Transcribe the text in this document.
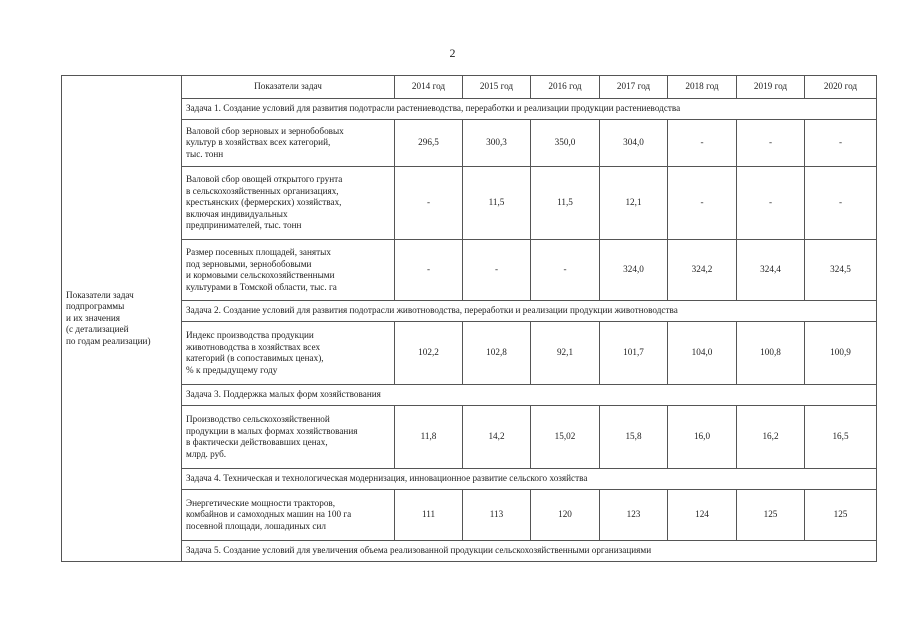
2
Показатели задач
подпрограммы
и их значения
(с детализацией
по годам реализации)	Показатели задач	2014 год	2015 год	2016 год	2017 год	2018 год	2019 год	2020 год
	Задача 1. Создание условий для развития подотрасли растениеводства, переработки и реализации продукции растениеводства							

	Валовой сбор зерновых и зернобобовых
культур в хозяйствах всех категорий,
тыс. тонн	296,5	300,3	350,0	304,0	-	-	-

	Валовой сбор овощей открытого грунта
в сельскохозяйственных организациях,
крестьянских (фермерских) хозяйствах,
включая индивидуальных
предпринимателей, тыс. тонн	-	11,5	11,5	12,1	-	-	-

	Размер посевных площадей, занятых
под зерновыми, зернобобовыми
и кормовыми сельскохозяйственными
культурами в Томской области, тыс. га	-	-	-	324,0	324,2	324,4	324,5
	Задача 2. Создание условий для развития подотрасли животноводства, переработки и реализации продукции животноводства							

	Индекс производства продукции
животноводства в хозяйствах всех
категорий (в сопоставимых ценах),
% к предыдущему году	102,2	102,8	92,1	101,7	104,0	100,8	100,9
	Задача 3. Поддержка малых форм хозяйствования							

	Производство сельскохозяйственной
продукции в малых формах хозяйствования
в фактически действовавших ценах,
млрд. руб.	11,8	14,2	15,02	15,8	16,0	16,2	16,5
	Задача 4. Техническая и технологическая модернизация, инновационное развитие сельского хозяйства							

	Энергетические мощности тракторов,
комбайнов и самоходных машин на 100 га
посевной площади, лошадиных сил	111	113	120	123	124	125	125
	Задача 5. Создание условий для увеличения объема реализованной продукции сельскохозяйственными организациями							
